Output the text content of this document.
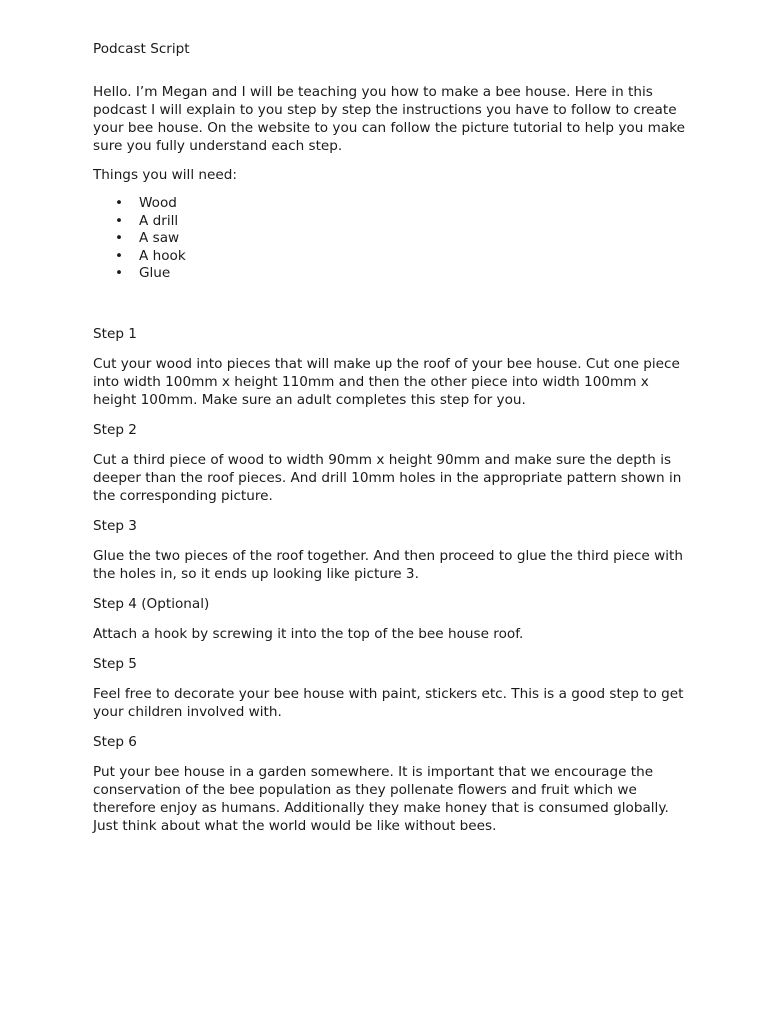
Podcast Script

Hello. I’m Megan and I will be teaching you how to make a bee house. Here in this podcast I will explain to you step by step the instructions you have to follow to create your bee house. On the website to you can follow the picture tutorial to help you make sure you fully understand each step.

Things you will need:

• Wood
• A drill
• A saw
• A hook
• Glue

Step 1

Cut your wood into pieces that will make up the roof of your bee house. Cut one piece into width 100mm x height 110mm and then the other piece into width 100mm x height 100mm. Make sure an adult completes this step for you.

Step 2

Cut a third piece of wood to width 90mm x height 90mm and make sure the depth is deeper than the roof pieces. And drill 10mm holes in the appropriate pattern shown in the corresponding picture.

Step 3

Glue the two pieces of the roof together. And then proceed to glue the third piece with the holes in, so it ends up looking like picture 3.

Step 4 (Optional)

Attach a hook by screwing it into the top of the bee house roof.

Step 5

Feel free to decorate your bee house with paint, stickers etc. This is a good step to get your children involved with.

Step 6

Put your bee house in a garden somewhere. It is important that we encourage the conservation of the bee population as they pollenate flowers and fruit which we therefore enjoy as humans. Additionally they make honey that is consumed globally. Just think about what the world would be like without bees.
